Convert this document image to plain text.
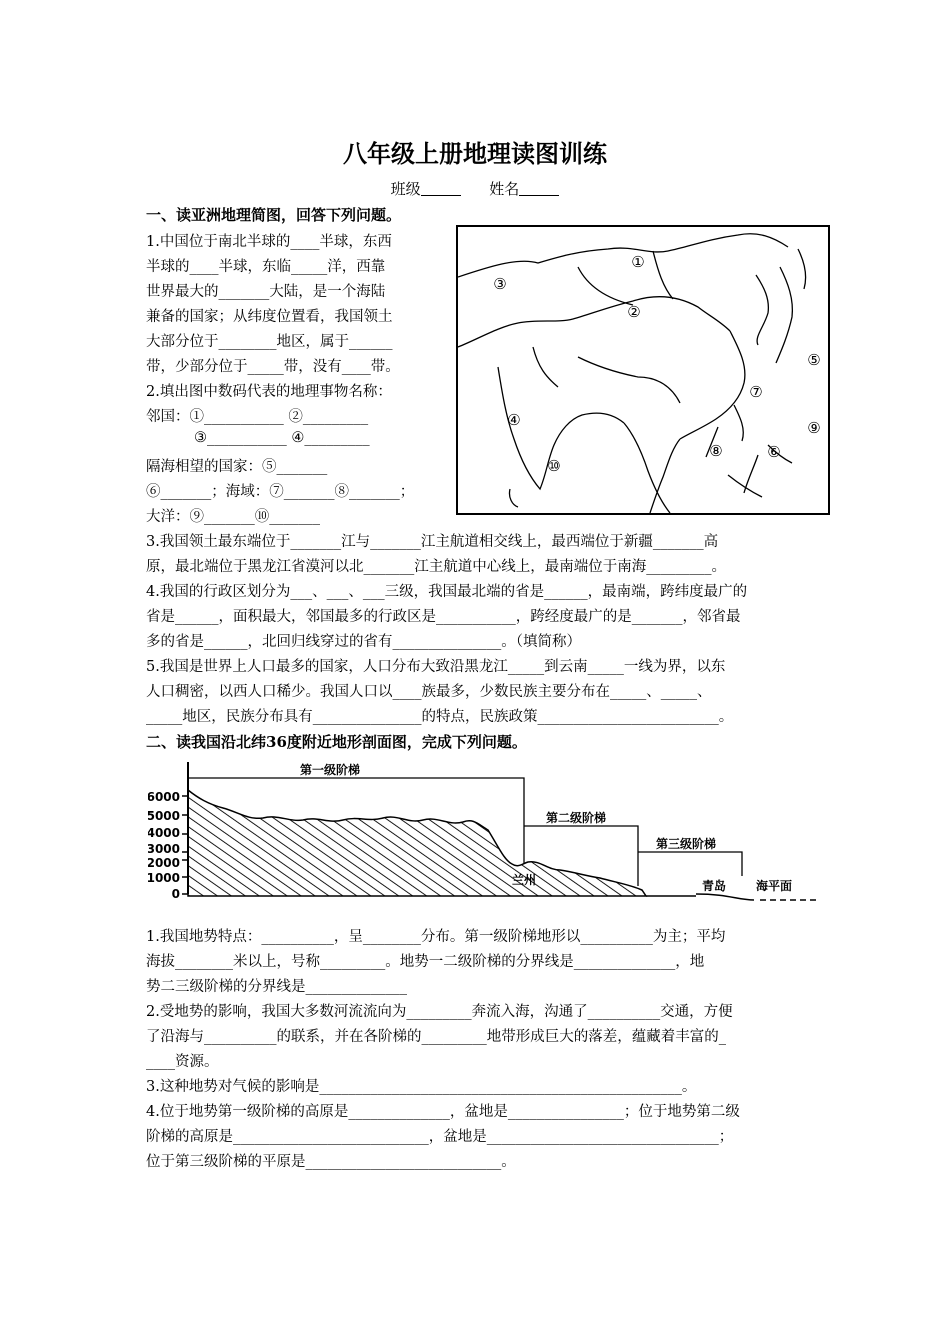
八年级上册地理读图训练
班级	姓名
一、读亚洲地理简图，回答下列问题。
1.中国位于南北半球的____半球，东西
半球的____半球，东临_____洋，西靠
世界最大的_______大陆，是一个海陆
兼备的国家；从纬度位置看，我国领土
大部分位于________地区，属于______
带，少部分位于_____带，没有____带。
2.填出图中数码代表的地理事物名称：
邻国：①___________ ②_________
③___________ ④_________
隔海相望的国家：⑤_______
⑥_______；海域：⑦_______⑧_______；
大洋：⑨_______⑩_______
①
②
③
④
⑤
⑥
⑦
⑧
⑨
⑩
3.我国领土最东端位于_______江与_______江主航道相交线上，最西端位于新疆_______高
原，最北端位于黑龙江省漠河以北_______江主航道中心线上，最南端位于南海_________。
4.我国的行政区划分为___、___、___三级，我国最北端的省是______，最南端，跨纬度最广的
省是______，面积最大，邻国最多的行政区是___________，跨经度最广的是_______，邻省最
多的省是______，北回归线穿过的省有_______________。（填简称）
5.我国是世界上人口最多的国家，人口分布大致沿黑龙江_____到云南_____一线为界，以东
人口稠密，以西人口稀少。我国人口以____族最多，少数民族主要分布在_____、_____、
_____地区，民族分布具有_______________的特点，民族政策_________________________。
二、读我国沿北纬36度附近地形剖面图，完成下列问题。
6000
5000
4000
3000
2000
1000
0
第一级阶梯
第二级阶梯
第三级阶梯
兰州	青岛 海平面
1.我国地势特点：__________，呈________分布。第一级阶梯地形以__________为主；平均
海拔________米以上，号称_________。地势一二级阶梯的分界线是______________，地
势二三级阶梯的分界线是______________
2.受地势的影响，我国大多数河流流向为_________奔流入海，沟通了__________交通，方便
了沿海与__________的联系，并在各阶梯的_________地带形成巨大的落差，蕴藏着丰富的_
____资源。
3.这种地势对气候的影响是__________________________________________________。
4.位于地势第一级阶梯的高原是______________，盆地是________________；位于地势第二级
阶梯的高原是___________________________，盆地是________________________________；
位于第三级阶梯的平原是___________________________。
